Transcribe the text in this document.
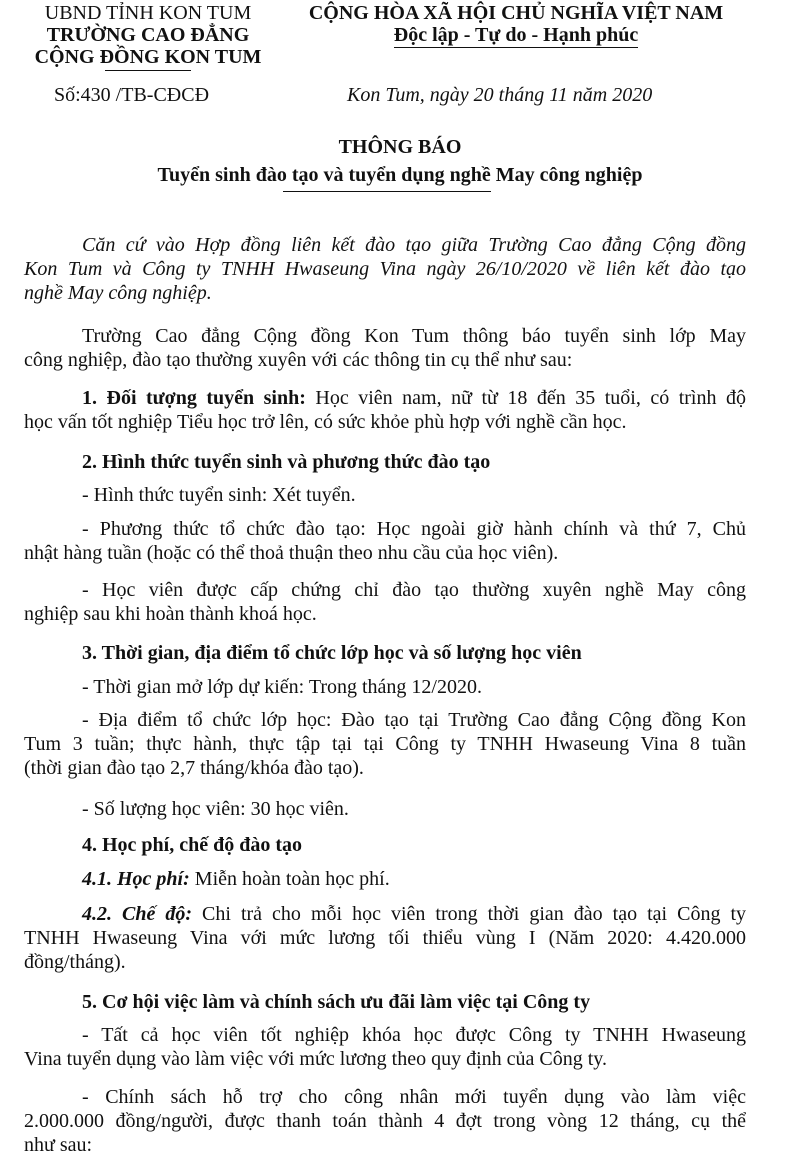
UBND TỈNH KON TUM
TRƯỜNG CAO ĐẲNG
CỘNG ĐỒNG KON TUM
CỘNG HÒA XÃ HỘI CHỦ NGHĨA VIỆT NAM
Độc lập - Tự do - Hạnh phúc
Số:430 /TB-CĐCĐ	Kon Tum, ngày 20 tháng 11 năm 2020
THÔNG BÁO
Tuyển sinh đào tạo và tuyển dụng nghề May công nghiệp
Căn cứ vào Hợp đồng liên kết đào tạo giữa Trường Cao đẳng Cộng đồng
Kon Tum và Công ty TNHH Hwaseung Vina ngày 26/10/2020 về liên kết đào tạo
nghề May công nghiệp.
Trường Cao đẳng Cộng đồng Kon Tum thông báo tuyển sinh lớp May
công nghiệp, đào tạo thường xuyên với các thông tin cụ thể như sau:
1. Đối tượng tuyển sinh: Học viên nam, nữ từ 18 đến 35 tuổi, có trình độ
học vấn tốt nghiệp Tiểu học trở lên, có sức khỏe phù hợp với nghề cần học.
2. Hình thức tuyển sinh và phương thức đào tạo
- Hình thức tuyển sinh: Xét tuyển.
- Phương thức tổ chức đào tạo: Học ngoài giờ hành chính và thứ 7, Chủ
nhật hàng tuần (hoặc có thể thoả thuận theo nhu cầu của học viên).
- Học viên được cấp chứng chỉ đào tạo thường xuyên nghề May công
nghiệp sau khi hoàn thành khoá học.
3. Thời gian, địa điểm tổ chức lớp học và số lượng học viên
- Thời gian mở lớp dự kiến: Trong tháng 12/2020.
- Địa điểm tổ chức lớp học: Đào tạo tại Trường Cao đẳng Cộng đồng Kon
Tum 3 tuần; thực hành, thực tập tại tại Công ty TNHH Hwaseung Vina 8 tuần
(thời gian đào tạo 2,7 tháng/khóa đào tạo).
- Số lượng học viên: 30 học viên.
4. Học phí, chế độ đào tạo
4.1. Học phí: Miễn hoàn toàn học phí.
4.2. Chế độ: Chi trả cho mỗi học viên trong thời gian đào tạo tại Công ty
TNHH Hwaseung Vina với mức lương tối thiểu vùng I (Năm 2020: 4.420.000
đồng/tháng).
5. Cơ hội việc làm và chính sách ưu đãi làm việc tại Công ty
- Tất cả học viên tốt nghiệp khóa học được Công ty TNHH Hwaseung
Vina tuyển dụng vào làm việc với mức lương theo quy định của Công ty.
- Chính sách hỗ trợ cho công nhân mới tuyển dụng vào làm việc
2.000.000 đồng/người, được thanh toán thành 4 đợt trong vòng 12 tháng, cụ thể
như sau:
